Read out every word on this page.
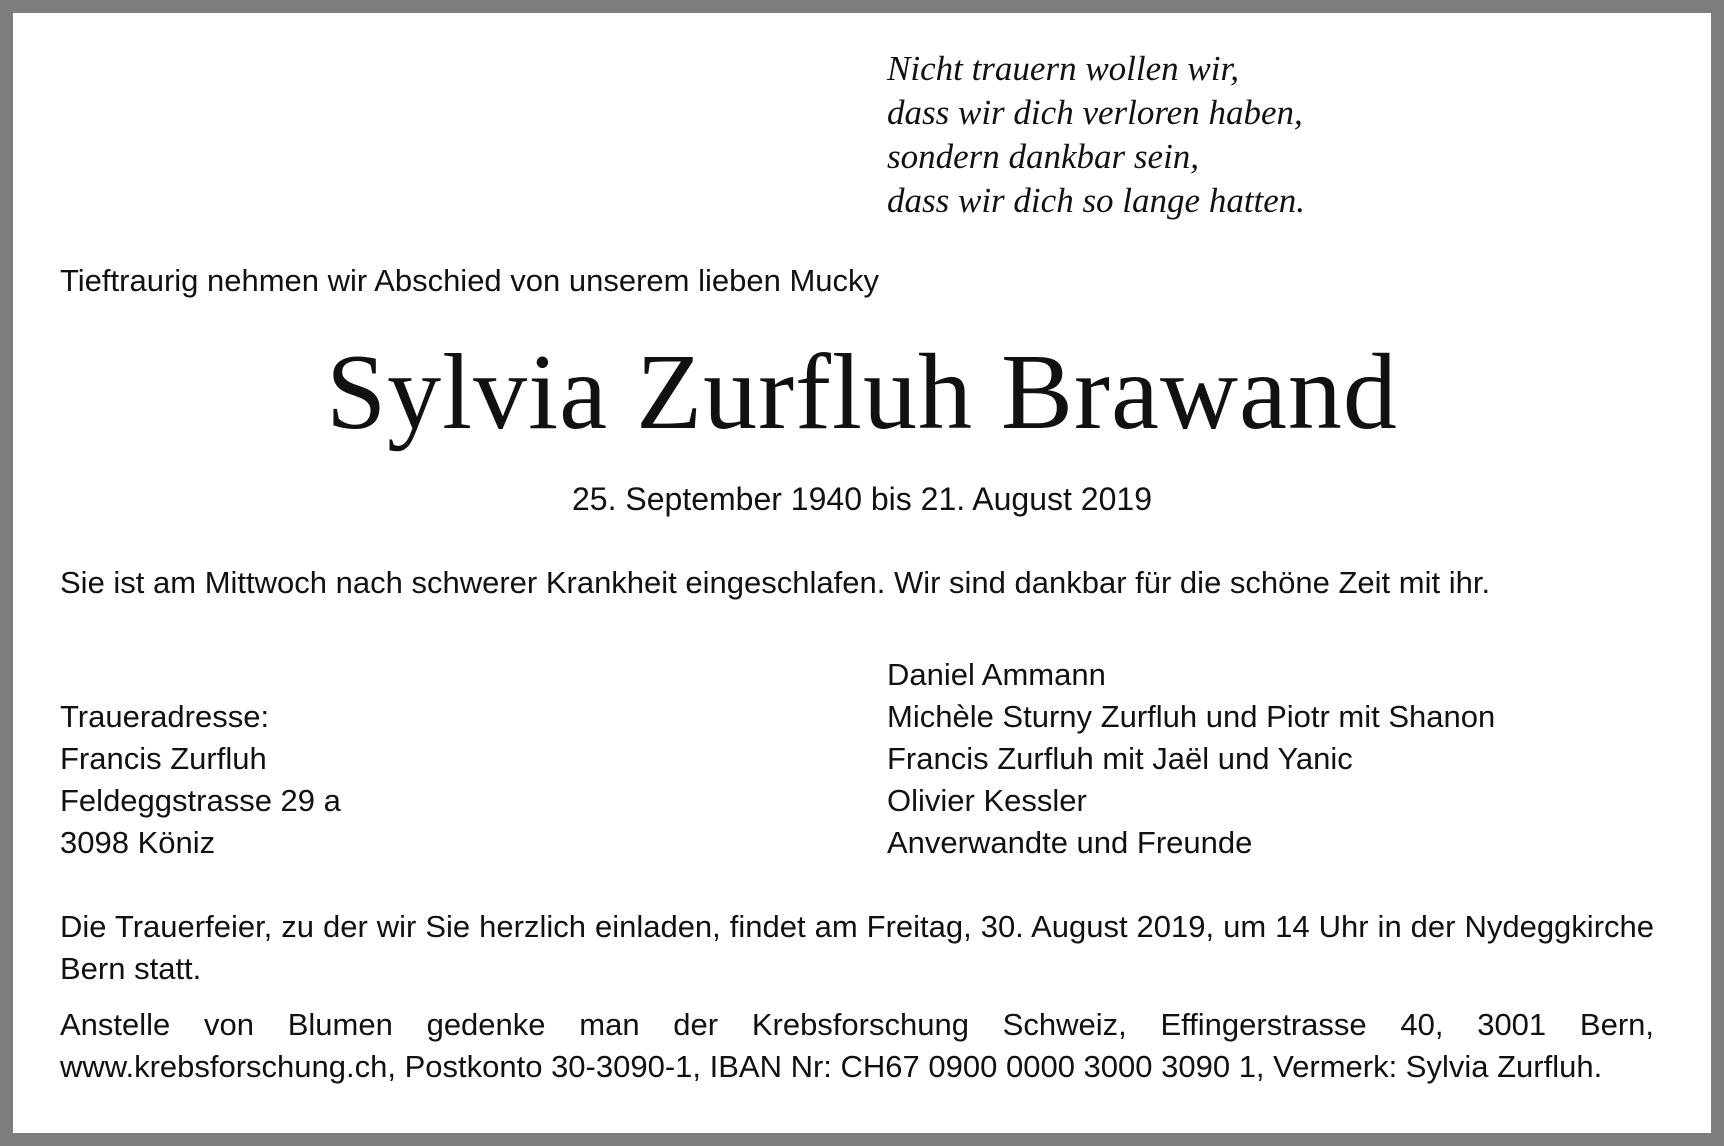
Nicht trauern wollen wir,
dass wir dich verloren haben,
sondern dankbar sein,
dass wir dich so lange hatten.
Tieftraurig nehmen wir Abschied von unserem lieben Mucky
Sylvia Zurfluh Brawand
25. September 1940 bis 21. August 2019
Sie ist am Mittwoch nach schwerer Krankheit eingeschlafen. Wir sind dankbar für die schöne Zeit mit ihr.
Traueradresse:
Francis Zurfluh
Feldeggstrasse 29 a
3098 Köniz
Daniel Ammann
Michèle Sturny Zurfluh und Piotr mit Shanon
Francis Zurfluh mit Jaël und Yanic
Olivier Kessler
Anverwandte und Freunde
Die Trauerfeier, zu der wir Sie herzlich einladen, findet am Freitag, 30. August 2019, um 14 Uhr in der Nydeggkirche Bern statt.
Anstelle von Blumen gedenke man der Krebsforschung Schweiz, Effingerstrasse 40, 3001 Bern, www.krebsforschung.ch, Postkonto 30-3090-1, IBAN Nr: CH67 0900 0000 3000 3090 1, Vermerk: Sylvia Zurfluh.
